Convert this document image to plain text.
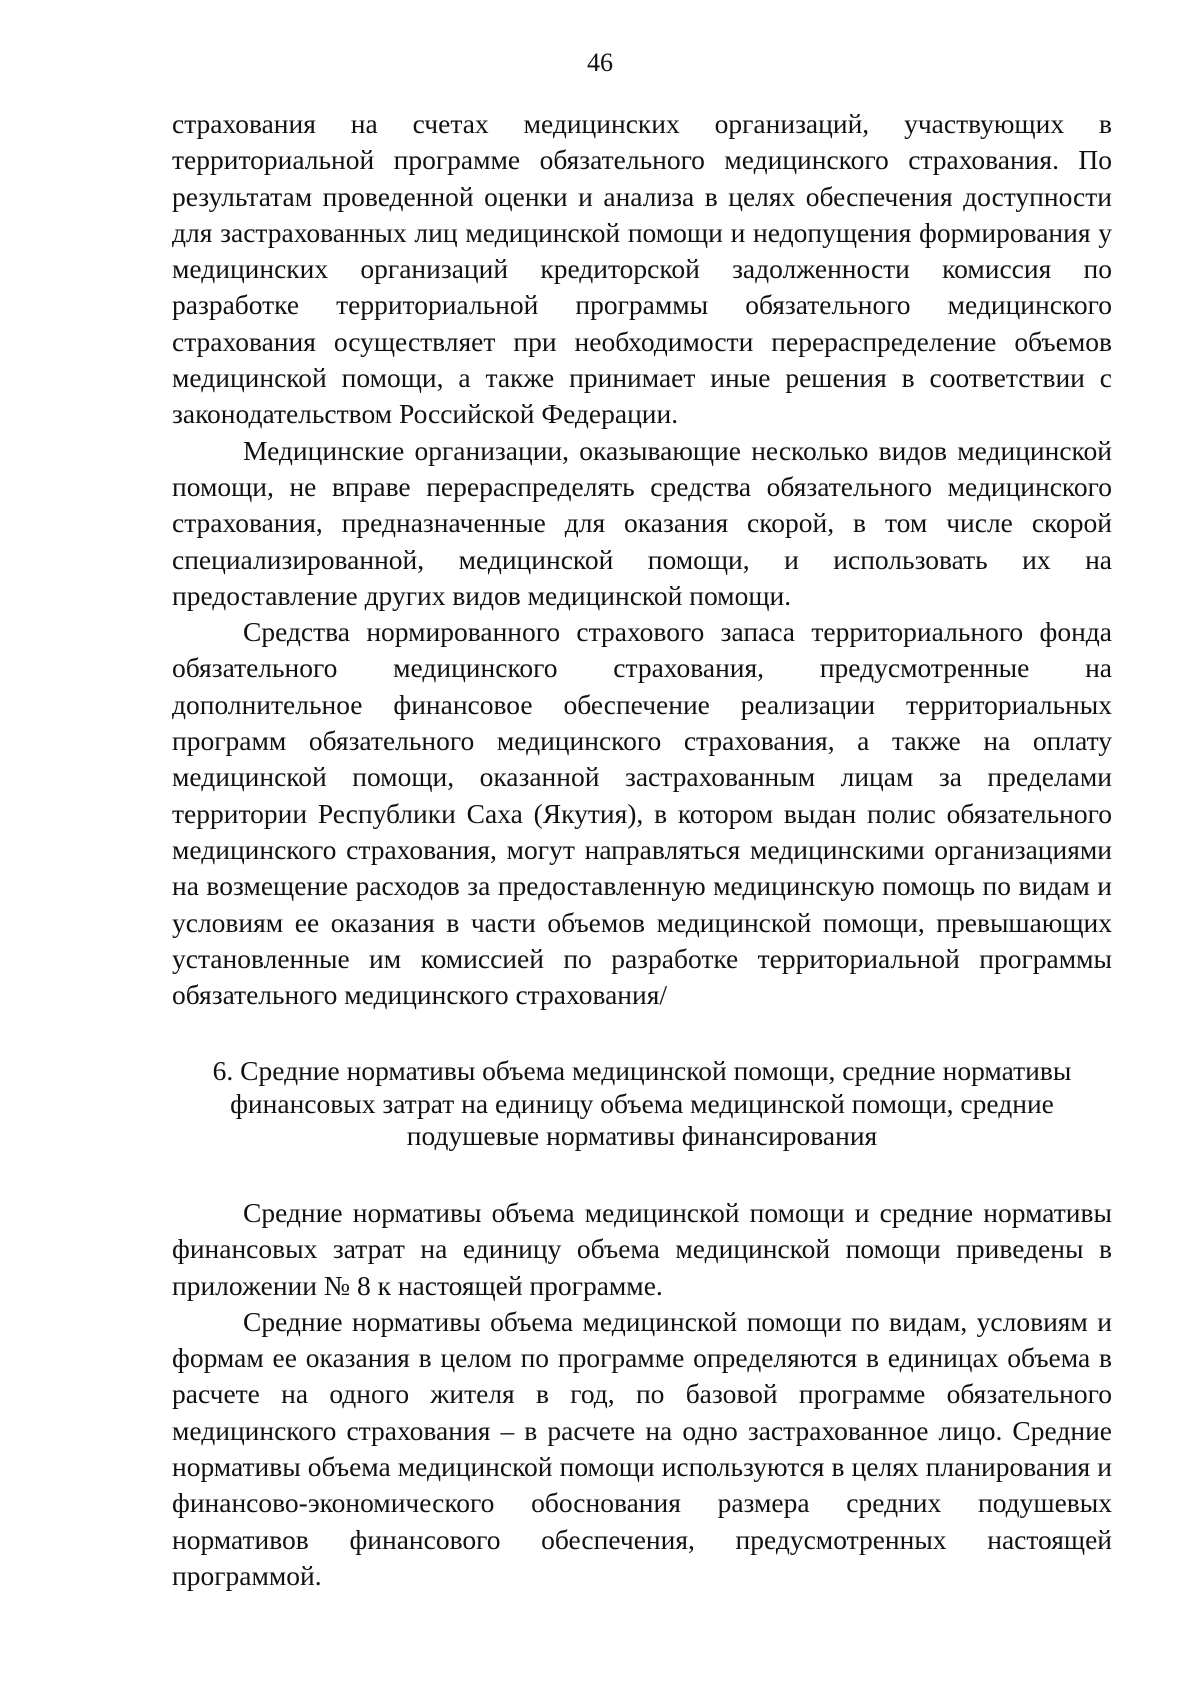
46

страхования на счетах медицинских организаций, участвующих в территориальной программе обязательного медицинского страхования. По результатам проведенной оценки и анализа в целях обеспечения доступности для застрахованных лиц медицинской помощи и недопущения формирования у медицинских организаций кредиторской задолженности комиссия по разработке территориальной программы обязательного медицинского страхования осуществляет при необходимости перераспределение объемов медицинской помощи, а также принимает иные решения в соответствии с законодательством Российской Федерации.

Медицинские организации, оказывающие несколько видов медицинской помощи, не вправе перераспределять средства обязательного медицинского страхования, предназначенные для оказания скорой, в том числе скорой специализированной, медицинской помощи, и использовать их на предоставление других видов медицинской помощи.

Средства нормированного страхового запаса территориального фонда обязательного медицинского страхования, предусмотренные на дополнительное финансовое обеспечение реализации территориальных программ обязательного медицинского страхования, а также на оплату медицинской помощи, оказанной застрахованным лицам за пределами территории Республики Саха (Якутия), в котором выдан полис обязательного медицинского страхования, могут направляться медицинскими организациями на возмещение расходов за предоставленную медицинскую помощь по видам и условиям ее оказания в части объемов медицинской помощи, превышающих установленные им комиссией по разработке территориальной программы обязательного медицинского страхования/

6. Средние нормативы объема медицинской помощи, средние нормативы
финансовых затрат на единицу объема медицинской помощи, средние
подушевые нормативы финансирования

Средние нормативы объема медицинской помощи и средние нормативы финансовых затрат на единицу объема медицинской помощи приведены в приложении № 8 к настоящей программе.

Средние нормативы объема медицинской помощи по видам, условиям и формам ее оказания в целом по программе определяются в единицах объема в расчете на одного жителя в год, по базовой программе обязательного медицинского страхования – в расчете на одно застрахованное лицо. Средние нормативы объема медицинской помощи используются в целях планирования и финансово-экономического обоснования размера средних подушевых нормативов финансового обеспечения, предусмотренных настоящей программой.
